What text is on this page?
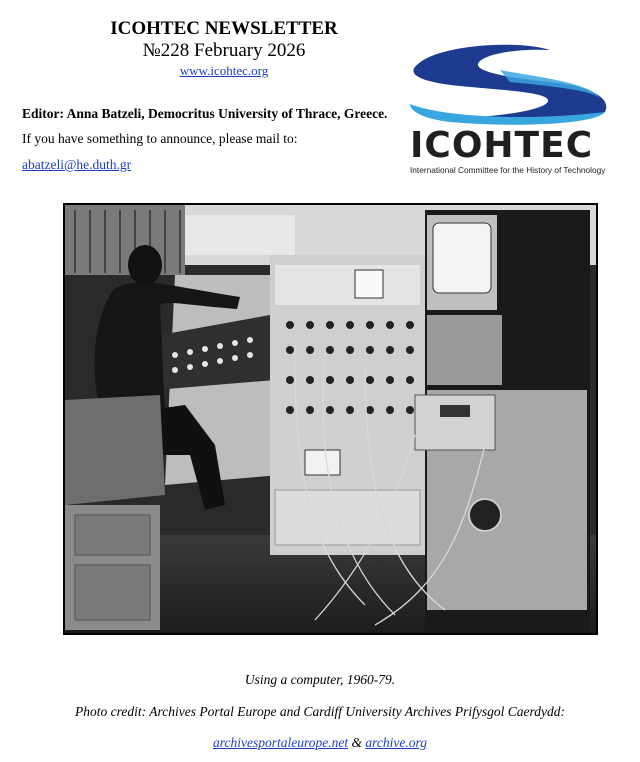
ICOHTEC NEWSLETTER

№228 February 2026

www.icohtec.org

Editor: Anna Batzeli, Democritus University of Thrace, Greece.
If you have something to announce, please mail to:
abatzeli@he.duth.gr	ICOHTEC
International Committee for the History of Technology
Using a computer, 1960-79.
Photo credit: Archives Portal Europe and Cardiff University Archives Prifysgol Caerdydd:
archivesportaleurope.net & archive.org
